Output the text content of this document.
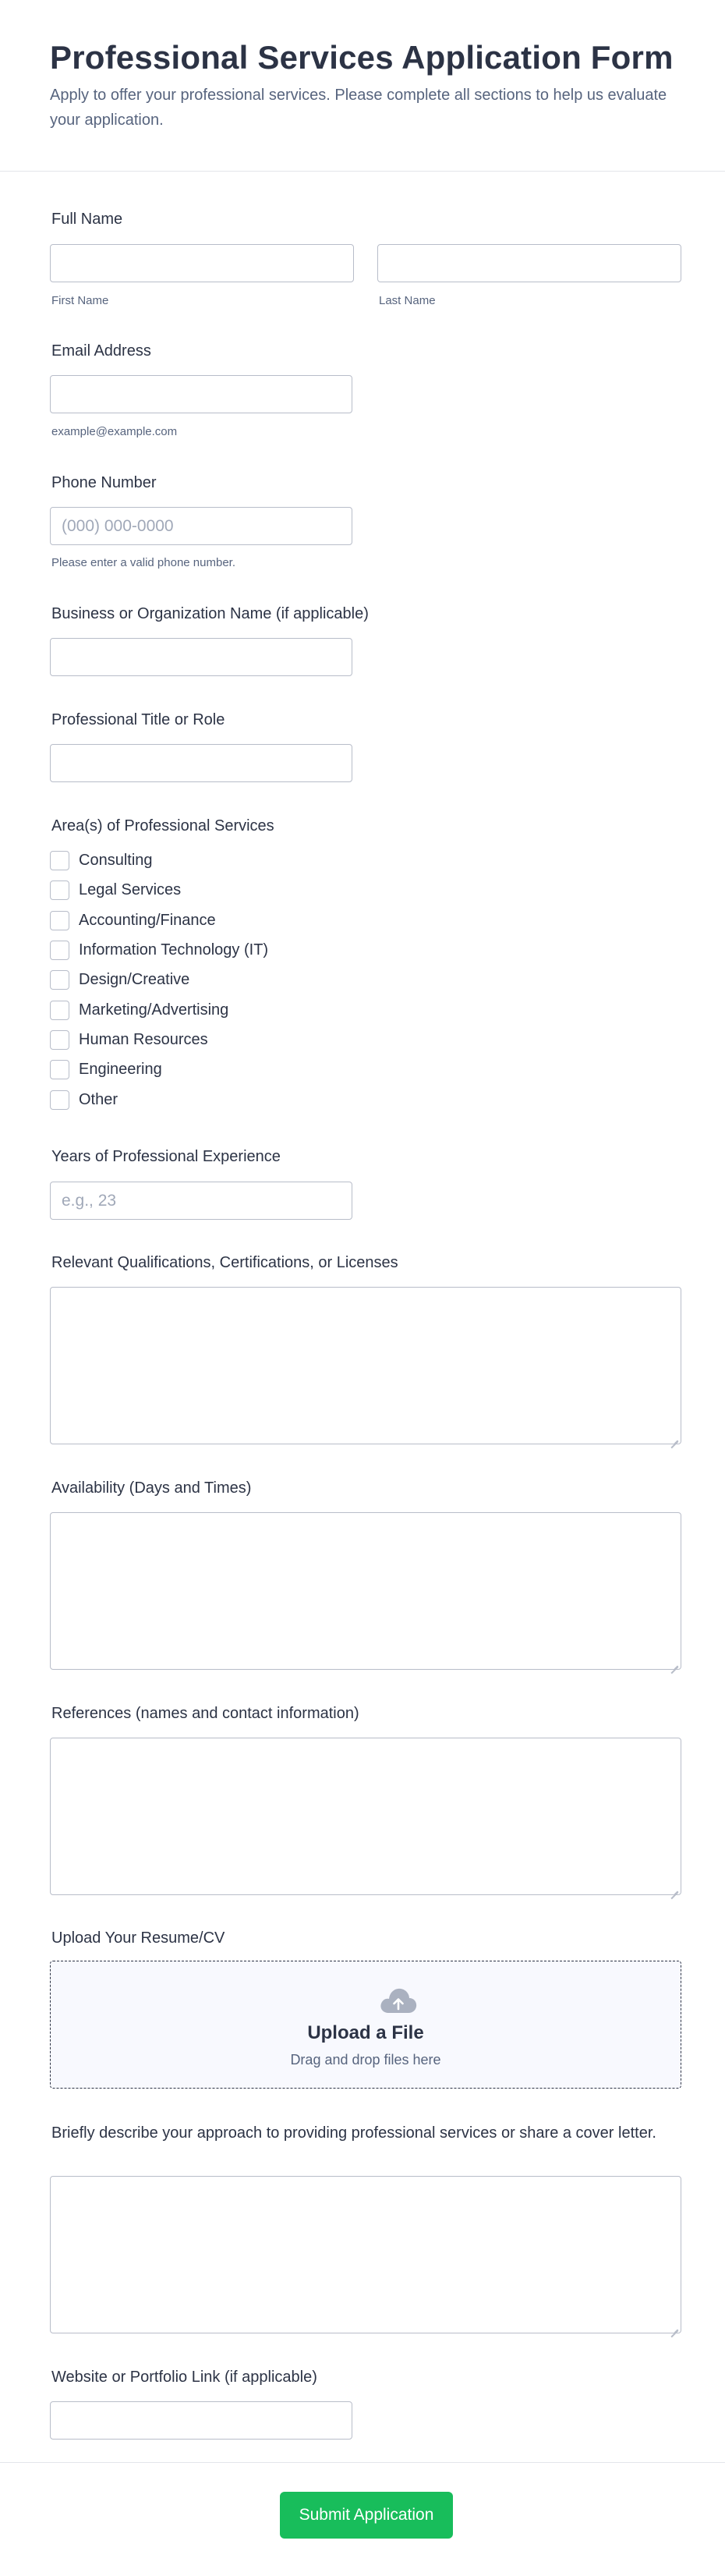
Professional Services Application Form

Apply to offer your professional services. Please complete all sections to help us evaluate your application.

Full Name
First Name	Last Name
Email Address
example@example.com
Phone Number
(000) 000-0000
Please enter a valid phone number.
Business or Organization Name (if applicable)
Professional Title or Role
Area(s) of Professional Services
Consulting
Legal Services
Accounting/Finance
Information Technology (IT)
Design/Creative
Marketing/Advertising
Human Resources
Engineering
Other
Years of Professional Experience
e.g., 23
Relevant Qualifications, Certifications, or Licenses
Availability (Days and Times)
References (names and contact information)
Upload Your Resume/CV
Upload a File
Drag and drop files here
Briefly describe your approach to providing professional services or share a cover letter.
Website or Portfolio Link (if applicable)
Submit Application
